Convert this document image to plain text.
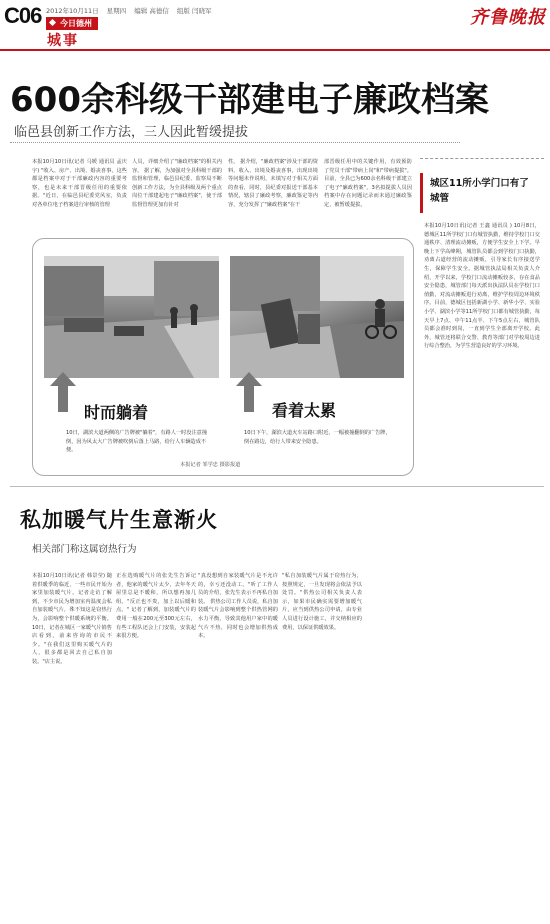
C06 2012年10月11日 星期四 编辑 高德信 组版 闫晓军
今日德州
城事
齐鲁晚报
600余科级干部建电子廉政档案
临邑县创新工作方法，三人因此暂缓提拔
本报10月10日讯(记者 马媛 通讯员 孟庆宇) "收入、房产、出境、婚丧喜事，这些都是档案中对于干部廉政内容的重要考察，也是未来干部晋级任用的重要依据。"近日，在临邑县纪委党风室，负责对各单位电子档案进行审核的管理
人员，详细介绍了"廉政档案"的相关内容。 据了解，为加强对全县科级干部的监督和管理，临邑县纪委、监察局不断创新工作方法，为全县科级及两个重点岗位干部建起电子"廉政档案"，使干部监督管理更加有针对
性。 据介绍，"廉政档案"涉及干部的资料、收入、出境及婚丧喜事，出现出境等问题未作说明，未填写对于相关方面的查看，同时，县纪委对报送干部基本情况，辖县了廉政考察，廉政鉴定等内容，充分发挥了"廉政档案"在干
部晋级任用中的关键作用，有效预防了党员干部"带病上岗"和"带病提拔"。 目前，全县已为600余名科级干部建立了电子"廉政档案"，3名拟提拔人员因档案中存在问题记录而未通过廉政鉴定，被暂缓提拔。
时而躺着	看着太累
10日，湖滨大道两侧的广告牌被"躺着"，有路人一时没注意撞倒，因为风太大广告牌被吹倒后落上马路，给行人车辆造成不便。
10日下午，湖滨大道火车站路口附近，一幅被撞翻倒的广告牌，倒在路边，给行人带来安全隐患。
本报记者 邹学忠 摄影报道
城区11所小学门口有了城管
本报10月10日讯(记者 王鑫 通讯员 ) 10月8日，德城区11所学校门口有城管执勤，维持学校门口交通秩序、清理流动摊贩，方便学生安全上下学。早晚上下学高峰期，城管队员都会到学校门口执勤，劝离占道经营的流动摊贩，引导家长有序接送学生，保障学生安全。据城管执法局相关负责人介绍，开学以来，学校门口流动摊贩较多，存在食品安全隐患，城管部门每天派出执法队员在学校门口值勤，对流动摊贩进行劝离，维护学校周边环境秩序。目前，德城区包括新湖小学、新华小学、实验小学、湖滨小学等11所学校门口都有城管执勤，每天早上7点、中午11点半、下午5点左右，城管队员都会准时到岗，一直到学生全部离开学校。此外，城管还将联合交警、教育等部门对学校周边进行综合整治，为学生营造良好的学习环境。
私加暖气片生意渐火
相关部门称这属窃热行为
本报10月10日讯(记者 韩景莹) 随着供暖季的临近，一些市民开始为家里加装暖气片。记者走访了解到，不少市民为增加室内温度会私自加装暖气片，殊不知这是窃热行为，会影响整个供暖系统的平衡。 10日，记者在城区一家暖气片销售店看到，前来咨询的市民不少。"在我们这里购买暖气片的人，很多都是回去自己私自加装。"店主说。
正在选购暖气片的张先生告诉记者，他家的暖气片太少，去年冬天屋里总是不暖和，所以想再加几组。"反正也不贵，加上以后暖和点。" 记者了解到，加装暖气片的费用一般在200元至300元左右，有些工程队还会上门安装，安装起来很方便。
"真没想到自家装暖气片是不允许的，幸亏还没动工。"听了工作人员的介绍，张先生表示不再私自加装。 供热公司工作人员说，私自加装暖气片会影响到整个供热管网的水力平衡，导致其他用户家中的暖气片不热，同时也会增加供热成本。
"私自加装暖气片属于窃热行为，按照规定，一旦发现将会依法予以处罚。"供热公司相关负责人表示，如果市民确实需要增加暖气片，应当到供热公司申请，由专业人员进行设计施工，并交纳相应的费用，以保证供暖效果。
